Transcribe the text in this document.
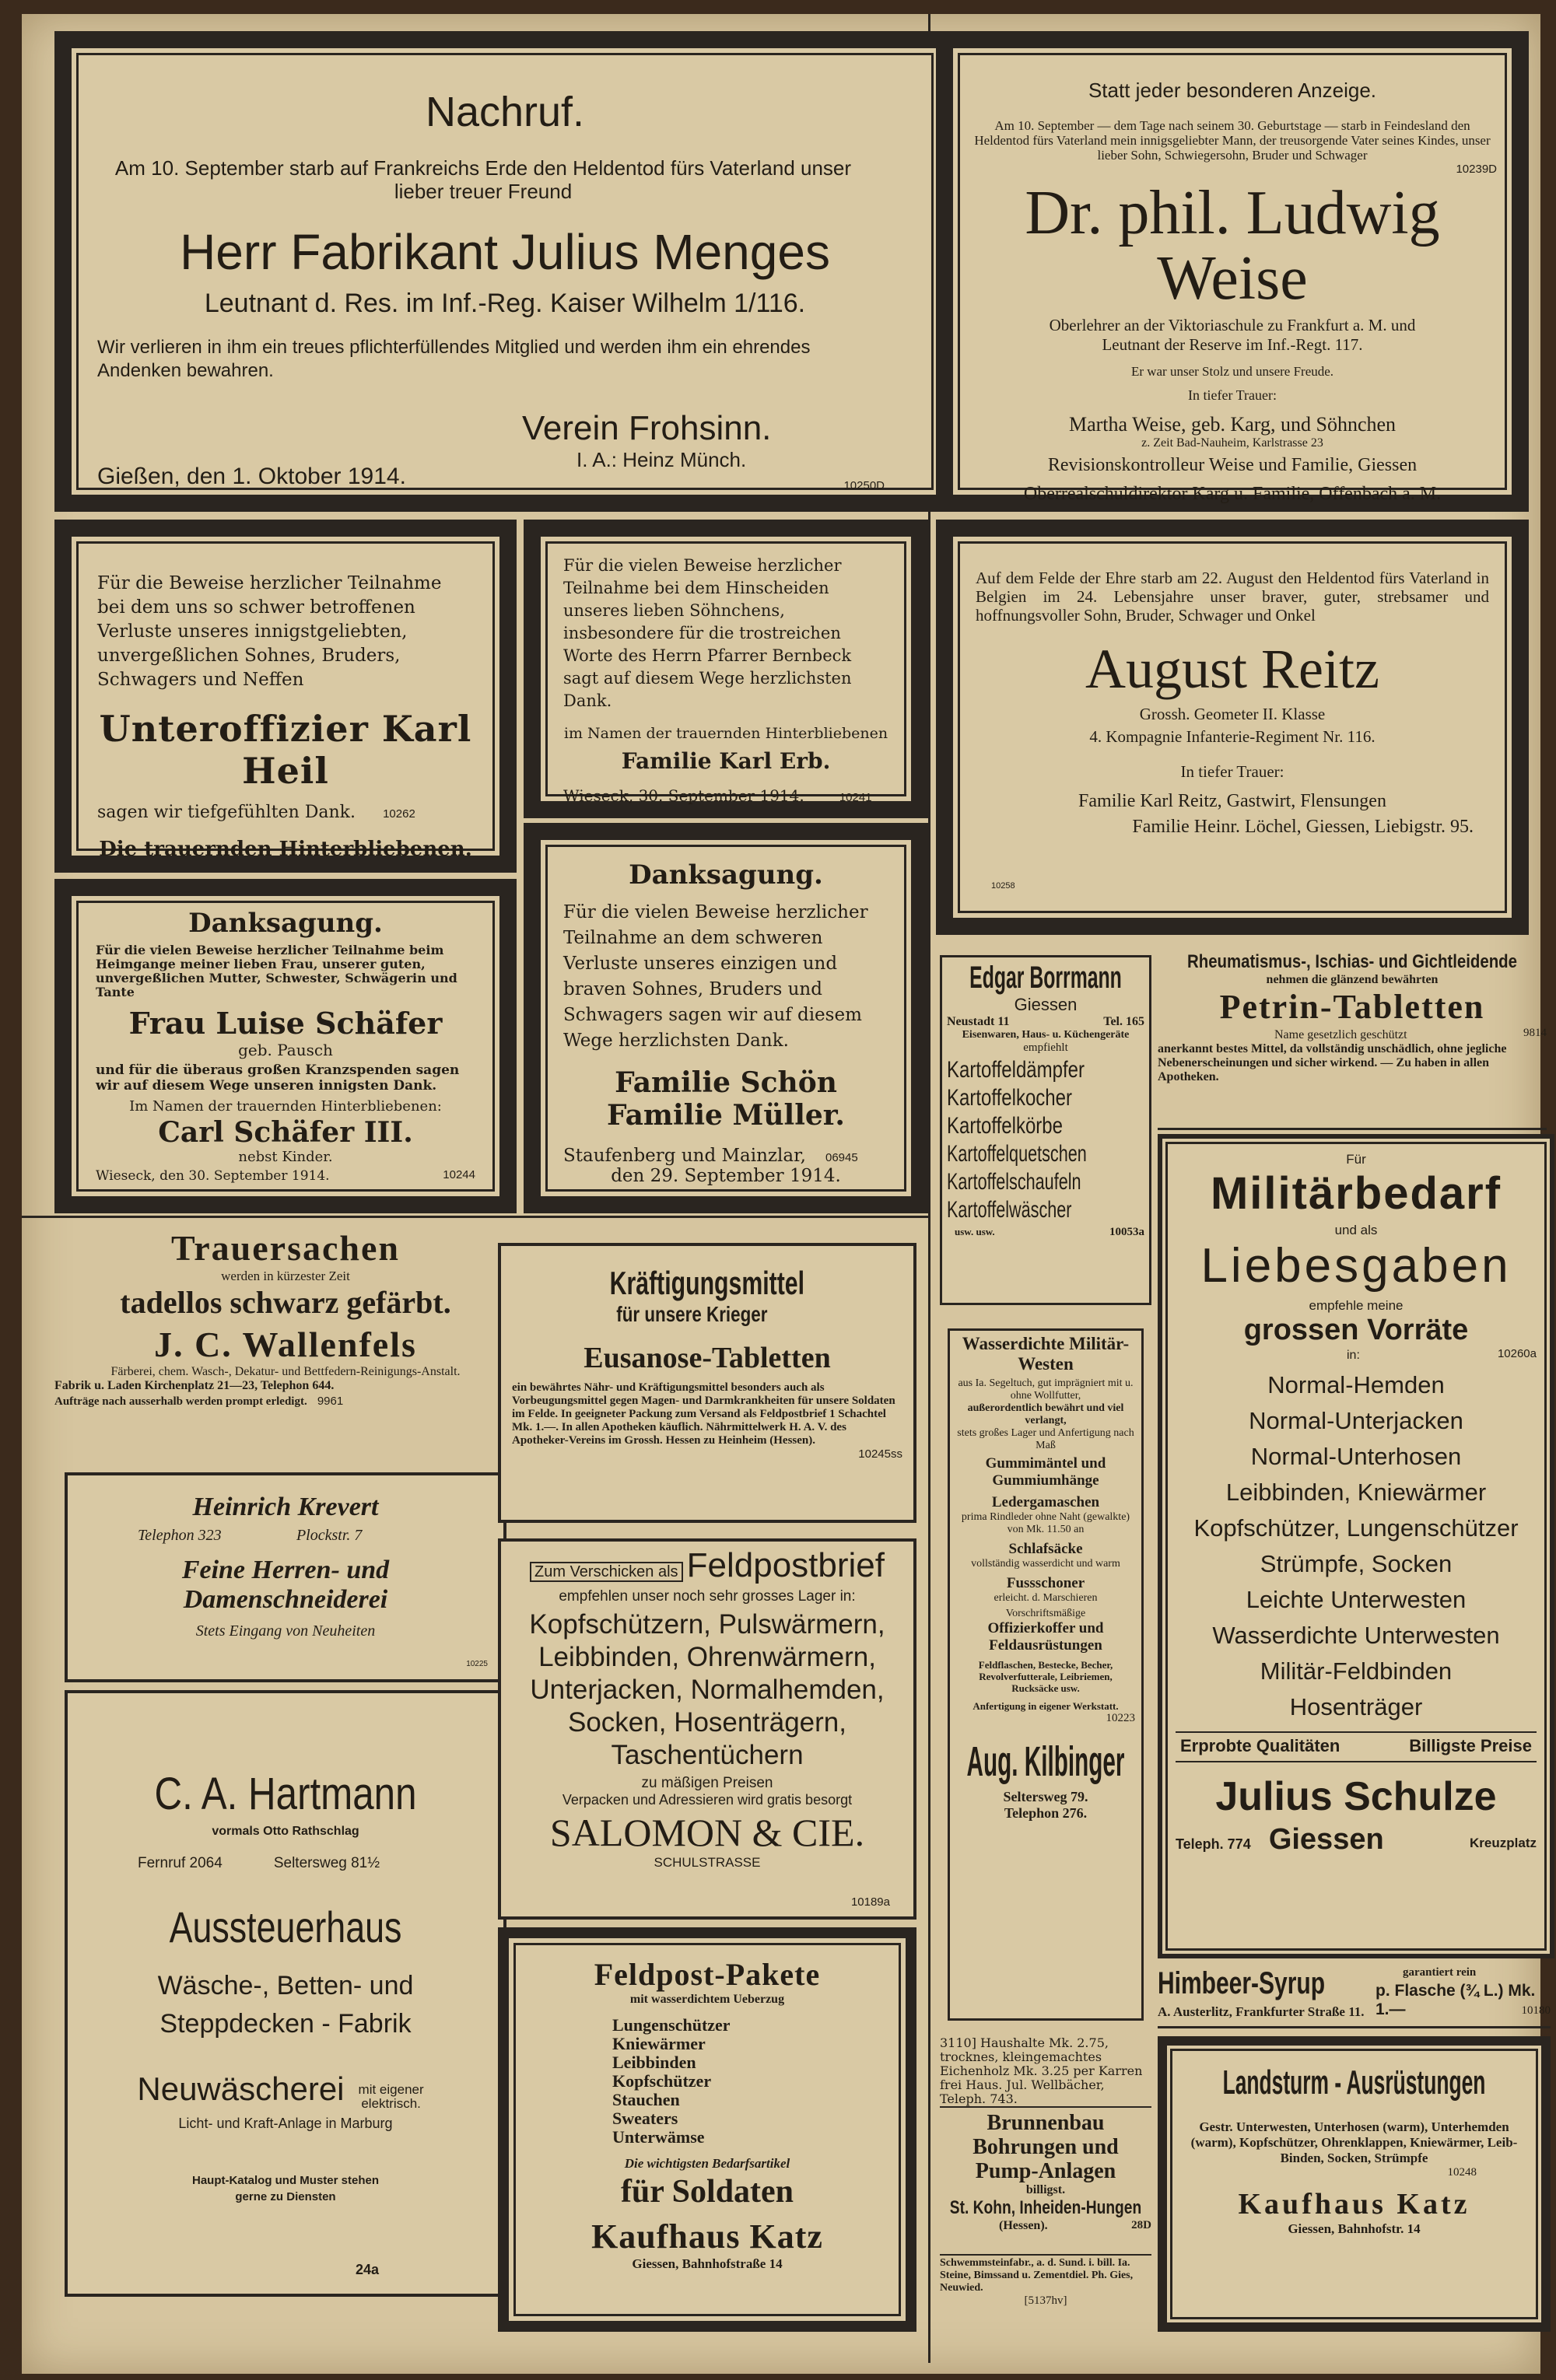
Nachruf.
Am 10. September starb auf Frankreichs Erde den Heldentod fürs Vaterland unser lieber treuer Freund
Herr Fabrikant Julius Menges
Leutnant d. Res. im Inf.-Reg. Kaiser Wilhelm 1/116.
Wir verlieren in ihm ein treues pflichterfüllendes Mitglied und werden ihm ein ehrendes Andenken bewahren.
Verein Frohsinn.
I. A.: Heinz Münch.
Gießen, den 1. Oktober 1914.	10250D
Statt jeder besonderen Anzeige.
Am 10. September — dem Tage nach seinem 30. Geburtstage — starb in Feindesland den Heldentod fürs Vaterland mein innigsgeliebter Mann, der treusorgende Vater seines Kindes, unser lieber Sohn, Schwiegersohn, Bruder und Schwager
10239D
Dr. phil. Ludwig Weise
Oberlehrer an der Viktoriaschule zu Frankfurt a. M. und
Leutnant der Reserve im Inf.-Regt. 117.
Er war unser Stolz und unsere Freude.
In tiefer Trauer:
Martha Weise, geb. Karg, und Söhnchen
z. Zeit Bad-Nauheim, Karlstrasse 23
Revisionskontrolleur Weise und Familie, Giessen
Oberrealschuldirektor Karg u. Familie, Offenbach a. M.
Für die Beweise herzlicher Teilnahme bei dem uns so schwer betroffenen Verluste unseres innigstgeliebten, unvergeßlichen Sohnes, Bruders, Schwagers und Neffen
Unteroffizier Karl Heil
sagen wir tiefgefühlten Dank. 10262
Die trauernden Hinterbliebenen.
Für die vielen Beweise herzlicher Teilnahme bei dem Hinscheiden unseres lieben Söhnchens, insbesondere für die trostreichen Worte des Herrn Pfarrer Bernbeck sagt auf diesem Wege herzlichsten Dank.
im Namen der trauernden Hinterbliebenen
Familie Karl Erb.
Wieseck, 30. September 1914.	10241
Auf dem Felde der Ehre starb am 22. August den Heldentod fürs Vaterland in Belgien im 24. Lebensjahre unser braver, guter, strebsamer und hoffnungsvoller Sohn, Bruder, Schwager und Onkel
August Reitz
Grossh. Geometer II. Klasse
4. Kompagnie Infanterie-Regiment Nr. 116.
In tiefer Trauer:
Familie Karl Reitz, Gastwirt, Flensungen
Familie Heinr. Löchel, Giessen, Liebigstr. 95.
10258
Danksagung.
Für die vielen Beweise herzlicher Teilnahme beim Heimgange meiner lieben Frau, unserer guten, unvergeßlichen Mutter, Schwester, Schwägerin und Tante
Frau Luise Schäfer
geb. Pausch
und für die überaus großen Kranzspenden sagen wir auf diesem Wege unseren innigsten Dank.
Im Namen der trauernden Hinterbliebenen:
Carl Schäfer III.
nebst Kinder.
Wieseck, den 30. September 1914.	10244
Danksagung.
Für die vielen Beweise herzlicher Teilnahme an dem schweren Verluste unseres einzigen und braven Sohnes, Bruders und Schwagers sagen wir auf diesem Wege herzlichsten Dank.
Familie Schön
Familie Müller.
Staufenberg und Mainzlar, 06945
den 29. September 1914.
Trauersachen
werden in kürzester Zeit
tadellos schwarz gefärbt.
J. C. Wallenfels
Färberei, chem. Wasch-, Dekatur- und Bettfedern-Reinigungs-Anstalt.
Fabrik u. Laden Kirchenplatz 21—23, Telephon 644.
Aufträge nach ausserhalb werden prompt erledigt. 9961
Heinrich Krevert
Telephon 323	Plockstr. 7
Feine Herren- und
Damenschneiderei
Stets Eingang von Neuheiten
10225
C. A. Hartmann
vormals Otto Rathschlag
Fernruf 2064	Seltersweg 81½
Aussteuerhaus
Wäsche-, Betten- und
Steppdecken - Fabrik
Neuwäscherei mit eigener elektrisch.
Licht- und Kraft-Anlage in Marburg
Haupt-Katalog und Muster stehen
gerne zu Diensten
24a
Kräftigungsmittel für unsere Krieger
Eusanose-Tabletten
ein bewährtes Nähr- und Kräftigungsmittel besonders auch als Vorbeugungsmittel gegen Magen- und Darmkrankheiten für unsere Soldaten im Felde. In geeigneter Packung zum Versand als Feldpostbrief 1 Schachtel Mk. 1.—. In allen Apotheken käuflich. Nährmittelwerk H. A. V. des Apotheker-Vereins im Grossh. Hessen zu Heinheim (Hessen).
10245ss
Zum Verschicken als Feldpostbrief
empfehlen unser noch sehr grosses Lager in:
Kopfschützern, Pulswärmern, Leibbinden, Ohrenwärmern, Unterjacken, Normalhemden, Socken, Hosenträgern, Taschentüchern
zu mäßigen Preisen
Verpacken und Adressieren wird gratis besorgt
SALOMON & CIE.
SCHULSTRASSE
10189a
Feldpost-Pakete
mit wasserdichtem Ueberzug
Lungenschützer
Kniewärmer
Leibbinden
Kopfschützer
Stauchen
Sweaters
Unterwämse
Die wichtigsten Bedarfsartikel
für Soldaten
Kaufhaus Katz
Giessen, Bahnhofstraße 14
Edgar Borrmann
Giessen
Neustadt 11	Tel. 165
Eisenwaren, Haus- u. Küchengeräte
empfiehlt
Kartoffeldämpfer
Kartoffelkocher
Kartoffelkörbe
Kartoffelquetschen
Kartoffelschaufeln
Kartoffelwäscher
usw. usw.	10053a
Wasserdichte Militär-Westen
aus Ia. Segeltuch, gut imprägniert mit u. ohne Wollfutter,
außerordentlich bewährt und viel verlangt,
stets großes Lager und Anfertigung nach Maß
Gummimäntel und Gummiumhänge
Ledergamaschen
prima Rindleder ohne Naht (gewalkte) von Mk. 11.50 an
Schlafsäcke
vollständig wasserdicht und warm
Fussschoner
erleicht. d. Marschieren
Vorschriftsmäßige
Offizierkoffer und Feldausrüstungen
Feldflaschen, Bestecke, Becher, Revolverfutterale, Leibriemen, Rucksäcke usw.
Anfertigung in eigener Werkstatt.
10223
Aug. Kilbinger
Seltersweg 79.
Telephon 276.
3110] Haushalte Mk. 2.75, trocknes, kleingemachtes Eichenholz Mk. 3.25 per Karren frei Haus. Jul. Wellbächer, Teleph. 743.
Brunnenbau Bohrungen und Pump-Anlagen
billigst.
St. Kohn, Inheiden-Hungen
(Hessen).	28D
Schwemmsteinfabr., a. d. Sund. i. bill. Ia. Steine, Bimssand u. Zementdiel. Ph. Gies, Neuwied.
[5137hv]
Rheumatismus-, Ischias- und Gichtleidende
nehmen die glänzend bewährten
Petrin-Tabletten
Name gesetzlich geschützt	9814
anerkannt bestes Mittel, da vollständig unschädlich, ohne jegliche Nebenerscheinungen und sicher wirkend. — Zu haben in allen Apotheken.
Für
Militärbedarf
und als
Liebesgaben
empfehle meine
grossen Vorräte
in:	10260a
Normal-Hemden
Normal-Unterjacken
Normal-Unterhosen
Leibbinden, Kniewärmer
Kopfschützer, Lungenschützer
Strümpfe, Socken
Leichte Unterwesten
Wasserdichte Unterwesten
Militär-Feldbinden
Hosenträger
Erprobte Qualitäten	Billigste Preise
Julius Schulze
Teleph. 774 Giessen	Kreuzplatz
Himbeer-Syrup	garantiert rein
p. Flasche (¾ L.) Mk. 1.—
A. Austerlitz, Frankfurter Straße 11.	10180
Landsturm - Ausrüstungen
Gestr. Unterwesten, Unterhosen (warm), Unterhemden (warm), Kopfschützer, Ohrenklappen, Kniewärmer, Leib-Binden, Socken, Strümpfe
10248
Kaufhaus Katz
Giessen, Bahnhofstr. 14
